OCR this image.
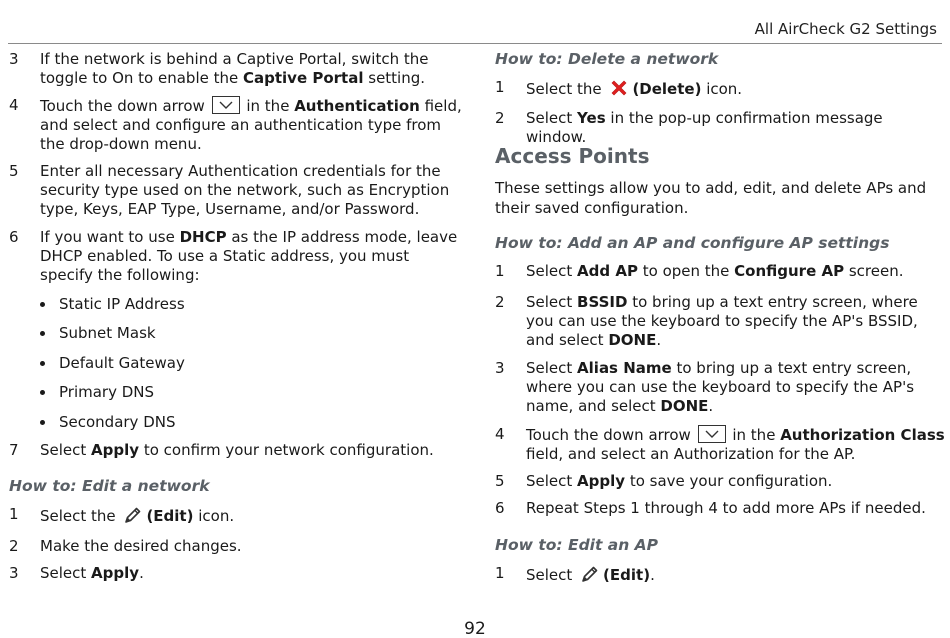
All AirCheck G2 Settings
3 If the network is behind a Captive Portal, switch the toggle to On to enable the Captive Portal setting.
4 Touch the down arrow
in the Authentication field, and select and configure an authentication type from the drop-down menu.
5 Enter all necessary Authentication credentials for the security type used on the network, such as Encryption type, Keys, EAP Type, Username, and/or Password.
6 If you want to use DHCP as the IP address mode, leave DHCP enabled. To use a Static address, you must specify the following:
Static IP Address
Subnet Mask
Default Gateway
Primary DNS
Secondary DNS
7 Select Apply to confirm your network configuration.
How to: Edit a network
1 Select the (Edit) icon.
2 Make the desired changes.
3 Select Apply.
How to: Delete a network
1 Select the (Delete) icon.
2 Select Yes in the pop-up confirmation message window.
Access Points
These settings allow you to add, edit, and delete APs and their saved configuration.
How to: Add an AP and configure AP settings
1 Select Add AP to open the Configure AP screen.
2 Select BSSID to bring up a text entry screen, where you can use the keyboard to specify the AP's BSSID, and select DONE.
3 Select Alias Name to bring up a text entry screen, where you can use the keyboard to specify the AP's name, and select DONE.
4 Touch the down arrow
in the Authorization Class field, and select an Authorization for the AP.
5 Select Apply to save your configuration.
6 Repeat Steps 1 through 4 to add more APs if needed.
How to: Edit an AP
1 Select (Edit).
92
